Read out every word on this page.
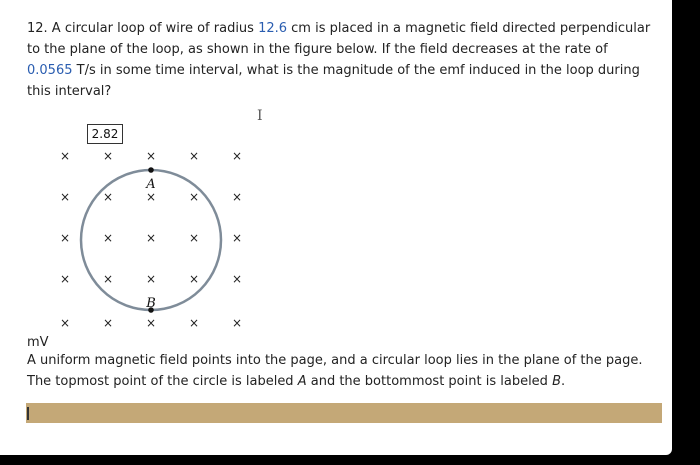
12. A circular loop of wire of radius 12.6 cm is placed in a magnetic field directed perpendicular to the plane of the loop, as shown in the figure below. If the field decreases at the rate of 0.0565 T/s in some time interval, what is the magnitude of the emf induced in the loop during this interval?
I
×	×	×	×	×
×	×	×	×	×
×	×	×	×	×
×	×	×	×	×
×	×	×	×	×
A
B
2.82
mV
A uniform magnetic field points into the page, and a circular loop lies in the plane of the page. The topmost point of the circle is labeled A and the bottommost point is labeled B.
